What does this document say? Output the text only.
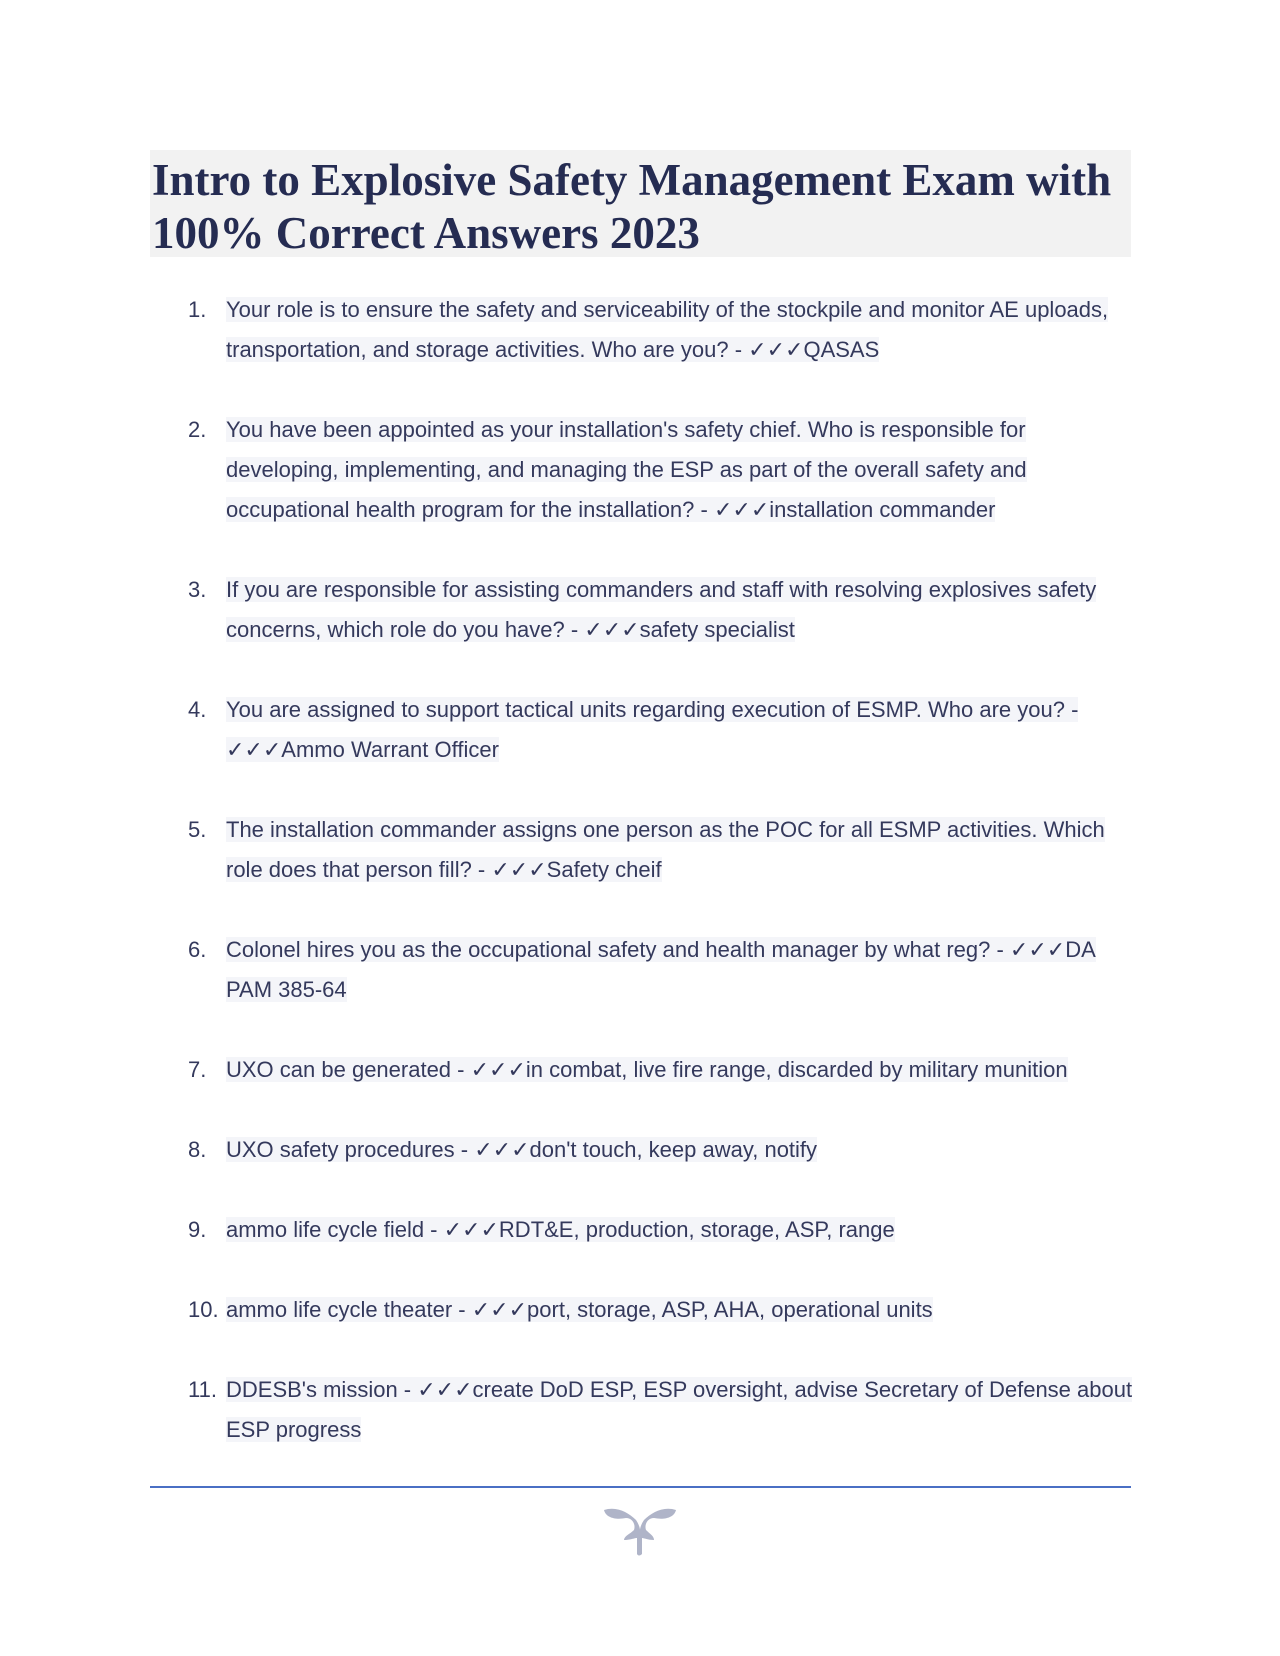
Intro to Explosive Safety Management Exam with 100% Correct Answers 2023
1. Your role is to ensure the safety and serviceability of the stockpile and monitor AE uploads, transportation, and storage activities. Who are you? - ✓✓✓QASAS
2. You have been appointed as your installation's safety chief. Who is responsible for developing, implementing, and managing the ESP as part of the overall safety and occupational health program for the installation? - ✓✓✓installation commander
3. If you are responsible for assisting commanders and staff with resolving explosives safety concerns, which role do you have? - ✓✓✓safety specialist
4. You are assigned to support tactical units regarding execution of ESMP. Who are you? - ✓✓✓Ammo Warrant Officer
5. The installation commander assigns one person as the POC for all ESMP activities. Which role does that person fill? - ✓✓✓Safety cheif
6. Colonel hires you as the occupational safety and health manager by what reg? - ✓✓✓DA PAM 385-64
7. UXO can be generated - ✓✓✓in combat, live fire range, discarded by military munition
8. UXO safety procedures - ✓✓✓don't touch, keep away, notify
9. ammo life cycle field - ✓✓✓RDT&E, production, storage, ASP, range
10. ammo life cycle theater - ✓✓✓port, storage, ASP, AHA, operational units
11. DDESB's mission - ✓✓✓create DoD ESP, ESP oversight, advise Secretary of Defense about ESP progress
